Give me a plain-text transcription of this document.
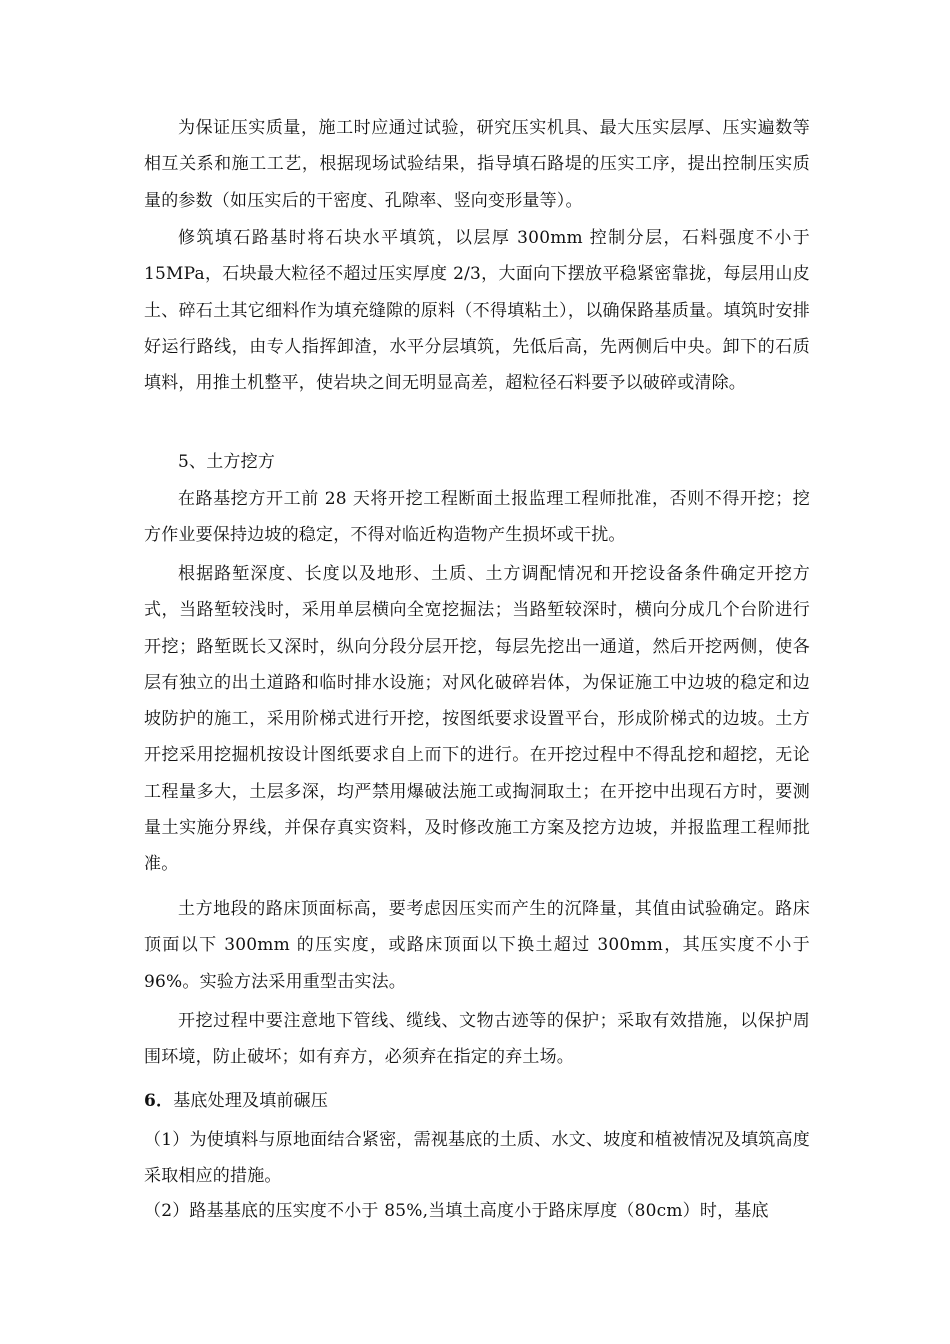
为保证压实质量，施工时应通过试验，研究压实机具、最大压实层厚、压实遍数等相互关系和施工工艺，根据现场试验结果，指导填石路堤的压实工序，提出控制压实质量的参数（如压实后的干密度、孔隙率、竖向变形量等）。

修筑填石路基时将石块水平填筑，以层厚 300mm 控制分层，石料强度不小于 15MPa，石块最大粒径不超过压实厚度 2/3，大面向下摆放平稳紧密靠拢，每层用山皮土、碎石土其它细料作为填充缝隙的原料（不得填粘土），以确保路基质量。填筑时安排好运行路线，由专人指挥卸渣，水平分层填筑，先低后高，先两侧后中央。卸下的石质填料，用推土机整平，使岩块之间无明显高差，超粒径石料要予以破碎或清除。

5、土方挖方

在路基挖方开工前 28 天将开挖工程断面土报监理工程师批准，否则不得开挖；挖方作业要保持边坡的稳定，不得对临近构造物产生损坏或干扰。

根据路堑深度、长度以及地形、土质、土方调配情况和开挖设备条件确定开挖方式，当路堑较浅时，采用单层横向全宽挖掘法；当路堑较深时，横向分成几个台阶进行开挖；路堑既长又深时，纵向分段分层开挖，每层先挖出一通道，然后开挖两侧，使各层有独立的出土道路和临时排水设施；对风化破碎岩体，为保证施工中边坡的稳定和边坡防护的施工，采用阶梯式进行开挖，按图纸要求设置平台，形成阶梯式的边坡。土方开挖采用挖掘机按设计图纸要求自上而下的进行。在开挖过程中不得乱挖和超挖，无论工程量多大，土层多深，均严禁用爆破法施工或掏洞取土；在开挖中出现石方时，要测量土实施分界线，并保存真实资料，及时修改施工方案及挖方边坡，并报监理工程师批准。

土方地段的路床顶面标高，要考虑因压实而产生的沉降量，其值由试验确定。路床顶面以下 300mm 的压实度，或路床顶面以下换土超过 300mm，其压实度不小于 96%。实验方法采用重型击实法。

开挖过程中要注意地下管线、缆线、文物古迹等的保护；采取有效措施，以保护周围环境，防止破坏；如有弃方，必须弃在指定的弃土场。

6．基底处理及填前碾压

（1）为使填料与原地面结合紧密，需视基底的土质、水文、坡度和植被情况及填筑高度采取相应的措施。

（2）路基基底的压实度不小于 85%,当填土高度小于路床厚度（80cm）时，基底
